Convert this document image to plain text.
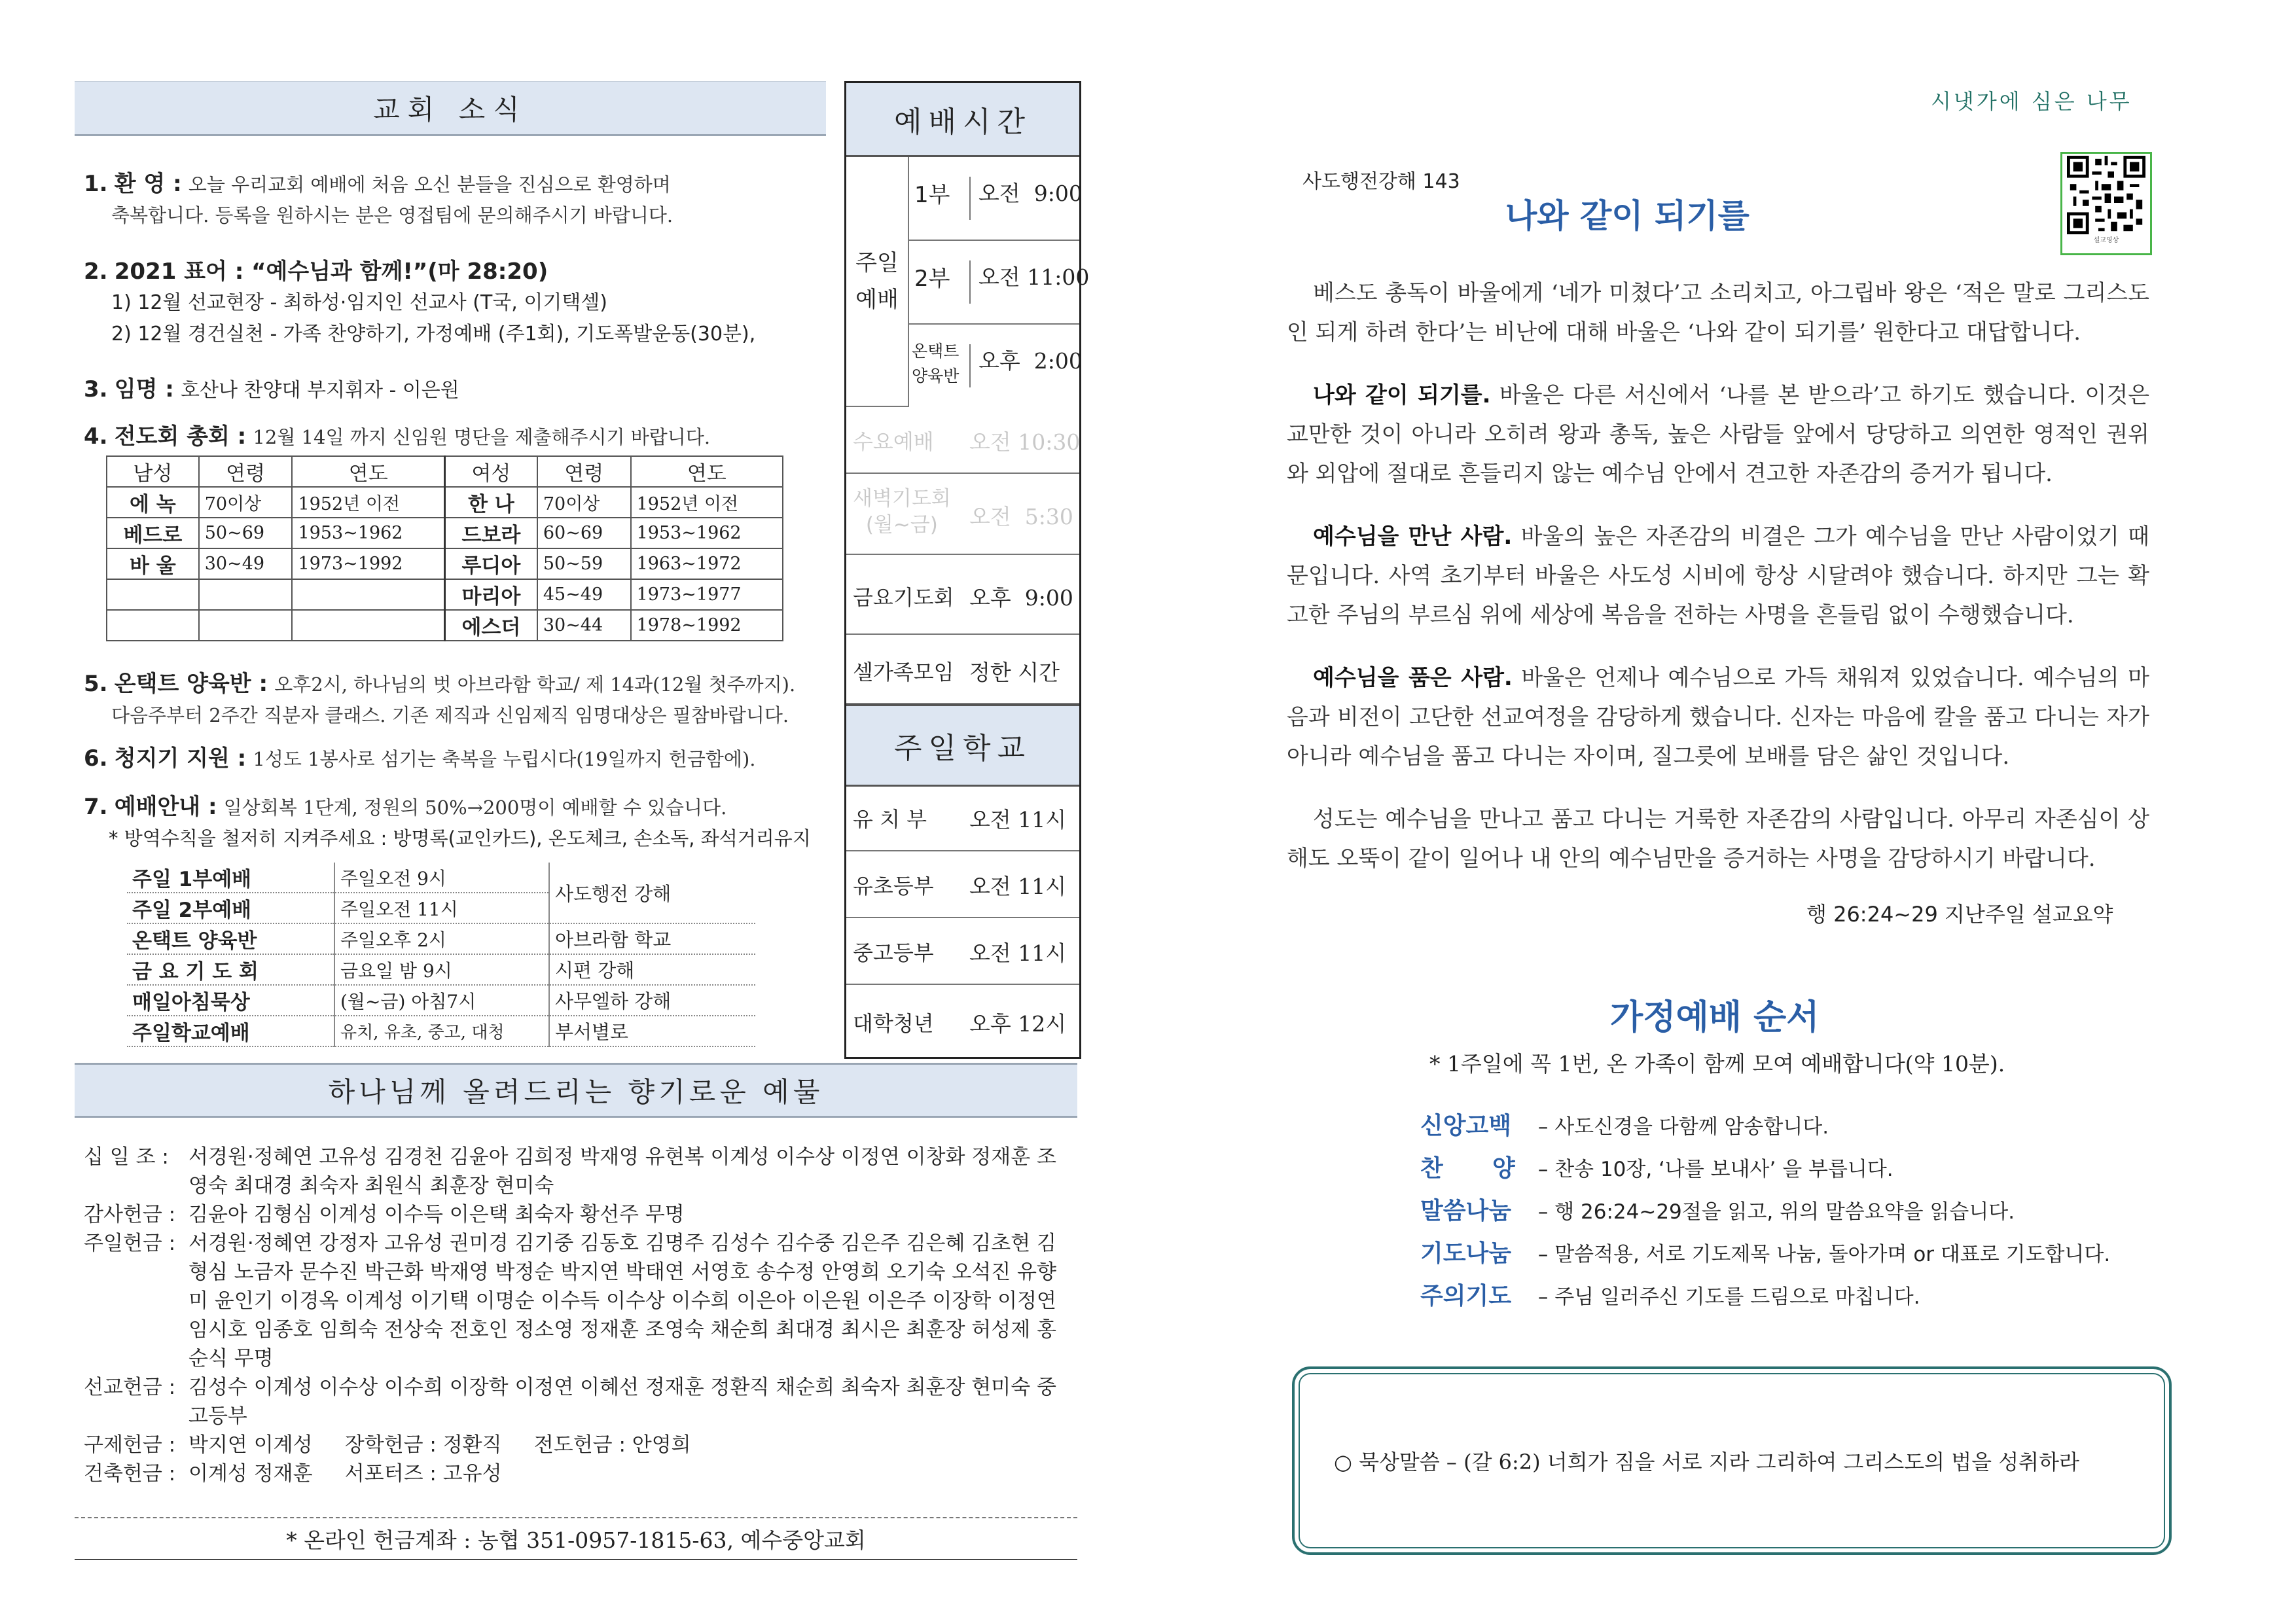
교회 소식
1. 환 영 : 오늘 우리교회 예배에 처음 오신 분들을 진심으로 환영하며
축복합니다. 등록을 원하시는 분은 영접팀에 문의해주시기 바랍니다.
2. 2021 표어 : “예수님과 함께!”(마 28:20)
1) 12월 선교현장 - 최하성·임지인 선교사 (T국, 이기택셀)
2) 12월 경건실천 - 가족 찬양하기, 가정예배 (주1회), 기도폭발운동(30분),
3. 임명 : 호산나 찬양대 부지휘자 - 이은원
4. 전도회 총회 : 12월 14일 까지 신임원 명단을 제출해주시기 바랍니다.
남성	연령	연도	여성	연령	연도
에 녹	70이상	1952년 이전	한 나	70이상	1952년 이전
베드로	50~69	1953~1962	드보라	60~69	1953~1962
바 울	30~49	1973~1992	루디아	50~59	1963~1972
			마리아	45~49	1973~1977
			에스더	30~44	1978~1992
5. 온택트 양육반 : 오후2시, 하나님의 벗 아브라함 학교/ 제 14과(12월 첫주까지).
다음주부터 2주간 직분자 클래스. 기존 제직과 신임제직 임명대상은 필참바랍니다.
6. 청지기 지원 : 1성도 1봉사로 섬기는 축복을 누립시다(19일까지 헌금함에).
7. 예배안내 : 일상회복 1단계, 정원의 50%→200명이 예배할 수 있습니다.
* 방역수칙을 철저히 지켜주세요 : 방명록(교인카드), 온도체크, 손소독, 좌석거리유지
주일 1부예배	주일오전 9시	사도행전 강해
주일 2부예배	주일오전 11시	
온택트 양육반	주일오후 2시	아브라함 학교
금 요 기 도 회	금요일 밤 9시	시편 강해
매일아침묵상	(월~금) 아침7시	사무엘하 강해
주일학교예배	유치, 유초, 중고, 대청	부서별로
예배시간
주일
예배
1부	오전  9:00
2부	오전 11:00
온택트
양육반
오후  2:00
수요예배 오전 10:30
새벽기도회
(월~금)	오전  5:30
금요기도회 오후  9:00
셀가족모임 정한 시간
주일학교
유 치 부 오전 11시
유초등부 오전 11시
중고등부 오전 11시
대학청년 오후 12시
하나님께 올려드리는 향기로운 예물
십 일 조 : 서경원·정혜연 고유성 김경천 김윤아 김희정 박재영 유현복 이계성 이수상 이정연 이창화 정재훈 조영숙 최대경 최숙자 최원식 최훈장 현미숙
감사헌금 : 김윤아 김형심 이계성 이수득 이은택 최숙자 황선주 무명
주일헌금 : 서경원·정혜연 강정자 고유성 권미경 김기중 김동호 김명주 김성수 김수중 김은주 김은혜 김초현 김형심 노금자 문수진 박근화 박재영 박정순 박지연 박태연 서영호 송수정 안영희 오기숙 오석진 유향미 윤인기 이경옥 이계성 이기택 이명순 이수득 이수상 이수희 이은아 이은원 이은주 이장학 이정연 임시호 임종호 임희숙 전상숙 전호인 정소영 정재훈 조영숙 채순희 최대경 최시은 최훈장 허성제 홍순식 무명
선교헌금 : 김성수 이계성 이수상 이수희 이장학 이정연 이혜선 정재훈 정환직 채순희 최숙자 최훈장 현미숙 중고등부
구제헌금 : 박지연 이계성     장학헌금 : 정환직     전도헌금 : 안영희
건축헌금 : 이계성 정재훈     서포터즈 : 고유성
* 온라인 헌금계좌 : 농협 351-0957-1815-63, 예수중앙교회
시냇가에 심은 나무
사도행전강해 143
나와 같이 되기를
설교영상
베스도 총독이 바울에게 ‘네가 미쳤다’고 소리치고, 아그립바 왕은 ‘적은 말로 그리스도인 되게 하려 한다’는 비난에 대해 바울은 ‘나와 같이 되기를’ 원한다고 대답합니다.
나와 같이 되기를. 바울은 다른 서신에서 ‘나를 본 받으라’고 하기도 했습니다. 이것은 교만한 것이 아니라 오히려 왕과 총독, 높은 사람들 앞에서 당당하고 의연한 영적인 권위와 외압에 절대로 흔들리지 않는 예수님 안에서 견고한 자존감의 증거가 됩니다.
예수님을 만난 사람. 바울의 높은 자존감의 비결은 그가 예수님을 만난 사람이었기 때문입니다. 사역 초기부터 바울은 사도성 시비에 항상 시달려야 했습니다. 하지만 그는 확고한 주님의 부르심 위에 세상에 복음을 전하는 사명을 흔들림 없이 수행했습니다.
예수님을 품은 사람. 바울은 언제나 예수님으로 가득 채워져 있었습니다. 예수님의 마음과 비전이 고단한 선교여정을 감당하게 했습니다. 신자는 마음에 칼을 품고 다니는 자가 아니라 예수님을 품고 다니는 자이며, 질그릇에 보배를 담은 삶인 것입니다.
성도는 예수님을 만나고 품고 다니는 거룩한 자존감의 사람입니다. 아무리 자존심이 상해도 오뚝이 같이 일어나 내 안의 예수님만을 증거하는 사명을 감당하시기 바랍니다.
행 26:24~29 지난주일 설교요약
가정예배 순서
* 1주일에 꼭 1번, 온 가족이 함께 모여 예배합니다(약 10분).
신앙고백 – 사도신경을 다함께 암송합니다.
찬      양 – 찬송 10장, ‘나를 보내사’ 을 부릅니다.
말씀나눔 – 행 26:24~29절을 읽고, 위의 말씀요약을 읽습니다.
기도나눔 – 말씀적용, 서로 기도제목 나눔, 돌아가며 or 대표로 기도합니다.
주의기도 – 주님 일러주신 기도를 드림으로 마칩니다.
○ 묵상말씀 – (갈 6:2) 너희가 짐을 서로 지라 그리하여 그리스도의 법을 성취하라
